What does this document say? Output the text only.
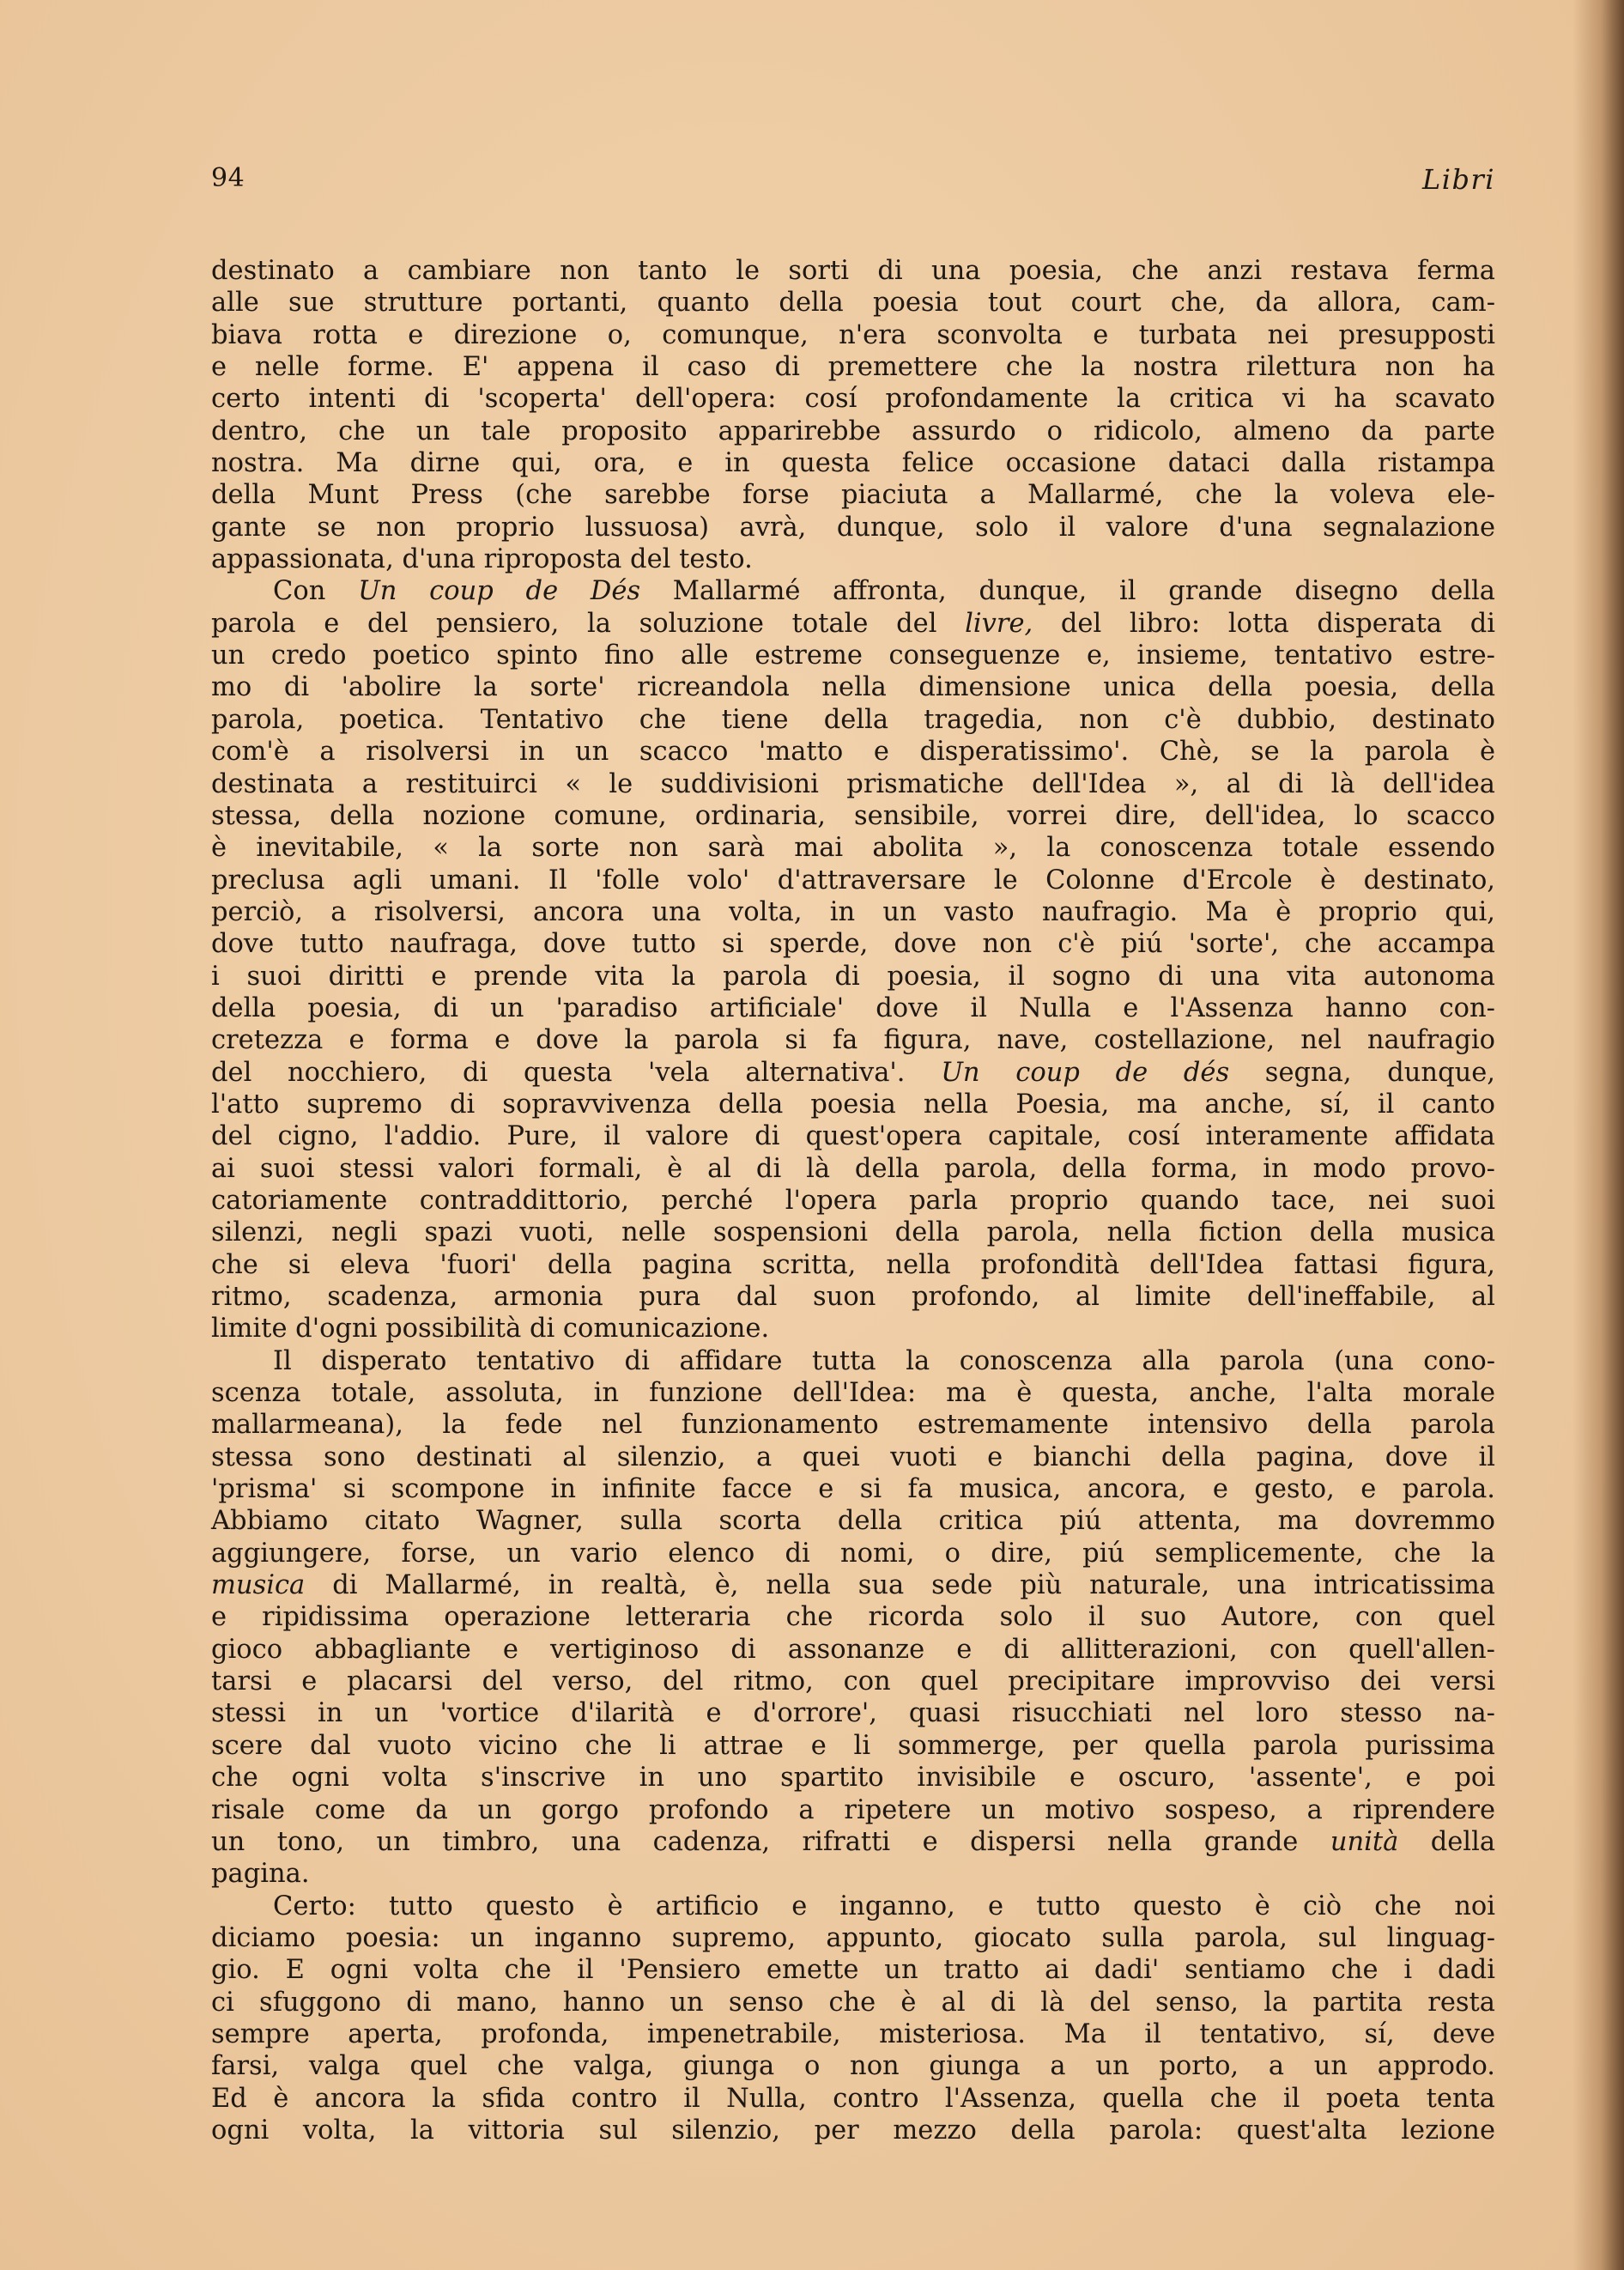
94	Libri
destinato a cambiare non tanto le sorti di una poesia, che anzi restava ferma
alle sue strutture portanti, quanto della poesia tout court che, da allora, cam-
biava rotta e direzione o, comunque, n'era sconvolta e turbata nei presupposti
e nelle forme. E' appena il caso di premettere che la nostra rilettura non ha
certo intenti di 'scoperta' dell'opera: cosí profondamente la critica vi ha scavato
dentro, che un tale proposito apparirebbe assurdo o ridicolo, almeno da parte
nostra. Ma dirne qui, ora, e in questa felice occasione dataci dalla ristampa
della Munt Press (che sarebbe forse piaciuta a Mallarmé, che la voleva ele-
gante se non proprio lussuosa) avrà, dunque, solo il valore d'una segnalazione
appassionata, d'una riproposta del testo.
Con Un coup de Dés Mallarmé affronta, dunque, il grande disegno della
parola e del pensiero, la soluzione totale del livre, del libro: lotta disperata di
un credo poetico spinto fino alle estreme conseguenze e, insieme, tentativo estre-
mo di 'abolire la sorte' ricreandola nella dimensione unica della poesia, della
parola, poetica. Tentativo che tiene della tragedia, non c'è dubbio, destinato
com'è a risolversi in un scacco 'matto e disperatissimo'. Chè, se la parola è
destinata a restituirci « le suddivisioni prismatiche dell'Idea », al di là dell'idea
stessa, della nozione comune, ordinaria, sensibile, vorrei dire, dell'idea, lo scacco
è inevitabile, « la sorte non sarà mai abolita », la conoscenza totale essendo
preclusa agli umani. Il 'folle volo' d'attraversare le Colonne d'Ercole è destinato,
perciò, a risolversi, ancora una volta, in un vasto naufragio. Ma è proprio qui,
dove tutto naufraga, dove tutto si sperde, dove non c'è piú 'sorte', che accampa
i suoi diritti e prende vita la parola di poesia, il sogno di una vita autonoma
della poesia, di un 'paradiso artificiale' dove il Nulla e l'Assenza hanno con-
cretezza e forma e dove la parola si fa figura, nave, costellazione, nel naufragio
del nocchiero, di questa 'vela alternativa'. Un coup de dés segna, dunque,
l'atto supremo di sopravvivenza della poesia nella Poesia, ma anche, sí, il canto
del cigno, l'addio. Pure, il valore di quest'opera capitale, cosí interamente affidata
ai suoi stessi valori formali, è al di là della parola, della forma, in modo provo-
catoriamente contraddittorio, perché l'opera parla proprio quando tace, nei suoi
silenzi, negli spazi vuoti, nelle sospensioni della parola, nella fiction della musica
che si eleva 'fuori' della pagina scritta, nella profondità dell'Idea fattasi figura,
ritmo, scadenza, armonia pura dal suon profondo, al limite dell'ineffabile, al
limite d'ogni possibilità di comunicazione.
Il disperato tentativo di affidare tutta la conoscenza alla parola (una cono-
scenza totale, assoluta, in funzione dell'Idea: ma è questa, anche, l'alta morale
mallarmeana), la fede nel funzionamento estremamente intensivo della parola
stessa sono destinati al silenzio, a quei vuoti e bianchi della pagina, dove il
'prisma' si scompone in infinite facce e si fa musica, ancora, e gesto, e parola.
Abbiamo citato Wagner, sulla scorta della critica piú attenta, ma dovremmo
aggiungere, forse, un vario elenco di nomi, o dire, piú semplicemente, che la
musica di Mallarmé, in realtà, è, nella sua sede più naturale, una intricatissima
e ripidissima operazione letteraria che ricorda solo il suo Autore, con quel
gioco abbagliante e vertiginoso di assonanze e di allitterazioni, con quell'allen-
tarsi e placarsi del verso, del ritmo, con quel precipitare improvviso dei versi
stessi in un 'vortice d'ilarità e d'orrore', quasi risucchiati nel loro stesso na-
scere dal vuoto vicino che li attrae e li sommerge, per quella parola purissima
che ogni volta s'inscrive in uno spartito invisibile e oscuro, 'assente', e poi
risale come da un gorgo profondo a ripetere un motivo sospeso, a riprendere
un tono, un timbro, una cadenza, rifratti e dispersi nella grande unità della
pagina.
Certo: tutto questo è artificio e inganno, e tutto questo è ciò che noi
diciamo poesia: un inganno supremo, appunto, giocato sulla parola, sul linguag-
gio. E ogni volta che il 'Pensiero emette un tratto ai dadi' sentiamo che i dadi
ci sfuggono di mano, hanno un senso che è al di là del senso, la partita resta
sempre aperta, profonda, impenetrabile, misteriosa. Ma il tentativo, sí, deve
farsi, valga quel che valga, giunga o non giunga a un porto, a un approdo.
Ed è ancora la sfida contro il Nulla, contro l'Assenza, quella che il poeta tenta
ogni volta, la vittoria sul silenzio, per mezzo della parola: quest'alta lezione
